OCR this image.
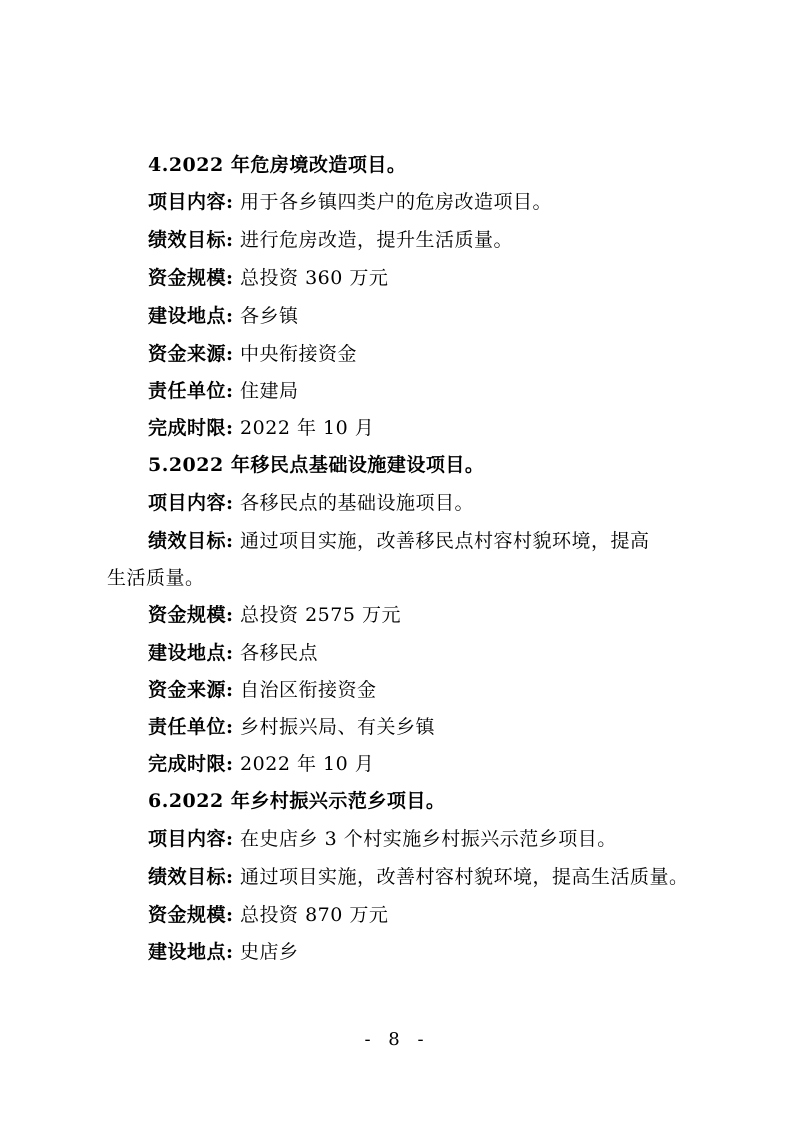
4.2022 年危房境改造项目。
项目内容: 用于各乡镇四类户的危房改造项目。
绩效目标: 进行危房改造，提升生活质量。
资金规模: 总投资 360 万元
建设地点: 各乡镇
资金来源: 中央衔接资金
责任单位: 住建局
完成时限: 2022 年 10 月
5.2022 年移民点基础设施建设项目。
项目内容: 各移民点的基础设施项目。
绩效目标: 通过项目实施，改善移民点村容村貌环境，提高
生活质量。
资金规模: 总投资 2575 万元
建设地点: 各移民点
资金来源: 自治区衔接资金
责任单位: 乡村振兴局、有关乡镇
完成时限: 2022 年 10 月
6.2022 年乡村振兴示范乡项目。
项目内容: 在史店乡 3 个村实施乡村振兴示范乡项目。
绩效目标: 通过项目实施，改善村容村貌环境，提高生活质量。
资金规模: 总投资 870 万元
建设地点: 史店乡
- 8 -
